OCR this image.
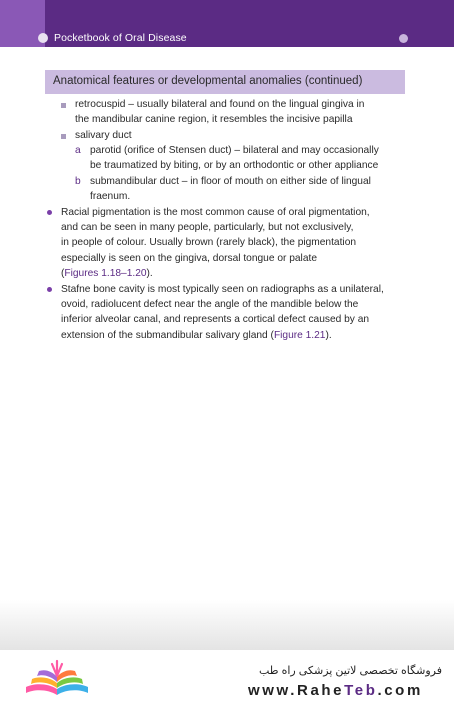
Pocketbook of Oral Disease
Anatomical features or developmental anomalies (continued)
retrocuspid – usually bilateral and found on the lingual gingiva in
the mandibular canine region, it resembles the incisive papilla
salivary duct
a parotid (orifice of Stensen duct) – bilateral and may occasionally
be traumatized by biting, or by an orthodontic or other appliance
b submandibular duct – in floor of mouth on either side of lingual
fraenum.
Racial pigmentation is the most common cause of oral pigmentation,
and can be seen in many people, particularly, but not exclusively,
in people of colour. Usually brown (rarely black), the pigmentation
especially is seen on the gingiva, dorsal tongue or palate
(Figures 1.18–1.20).
Stafne bone cavity is most typically seen on radiographs as a unilateral,
ovoid, radiolucent defect near the angle of the mandible below the
inferior alveolar canal, and represents a cortical defect caused by an
extension of the submandibular salivary gland (Figure 1.21).
فروشگاه تخصصی لاتین پزشکی راه طب
www.RaheTeb.com
